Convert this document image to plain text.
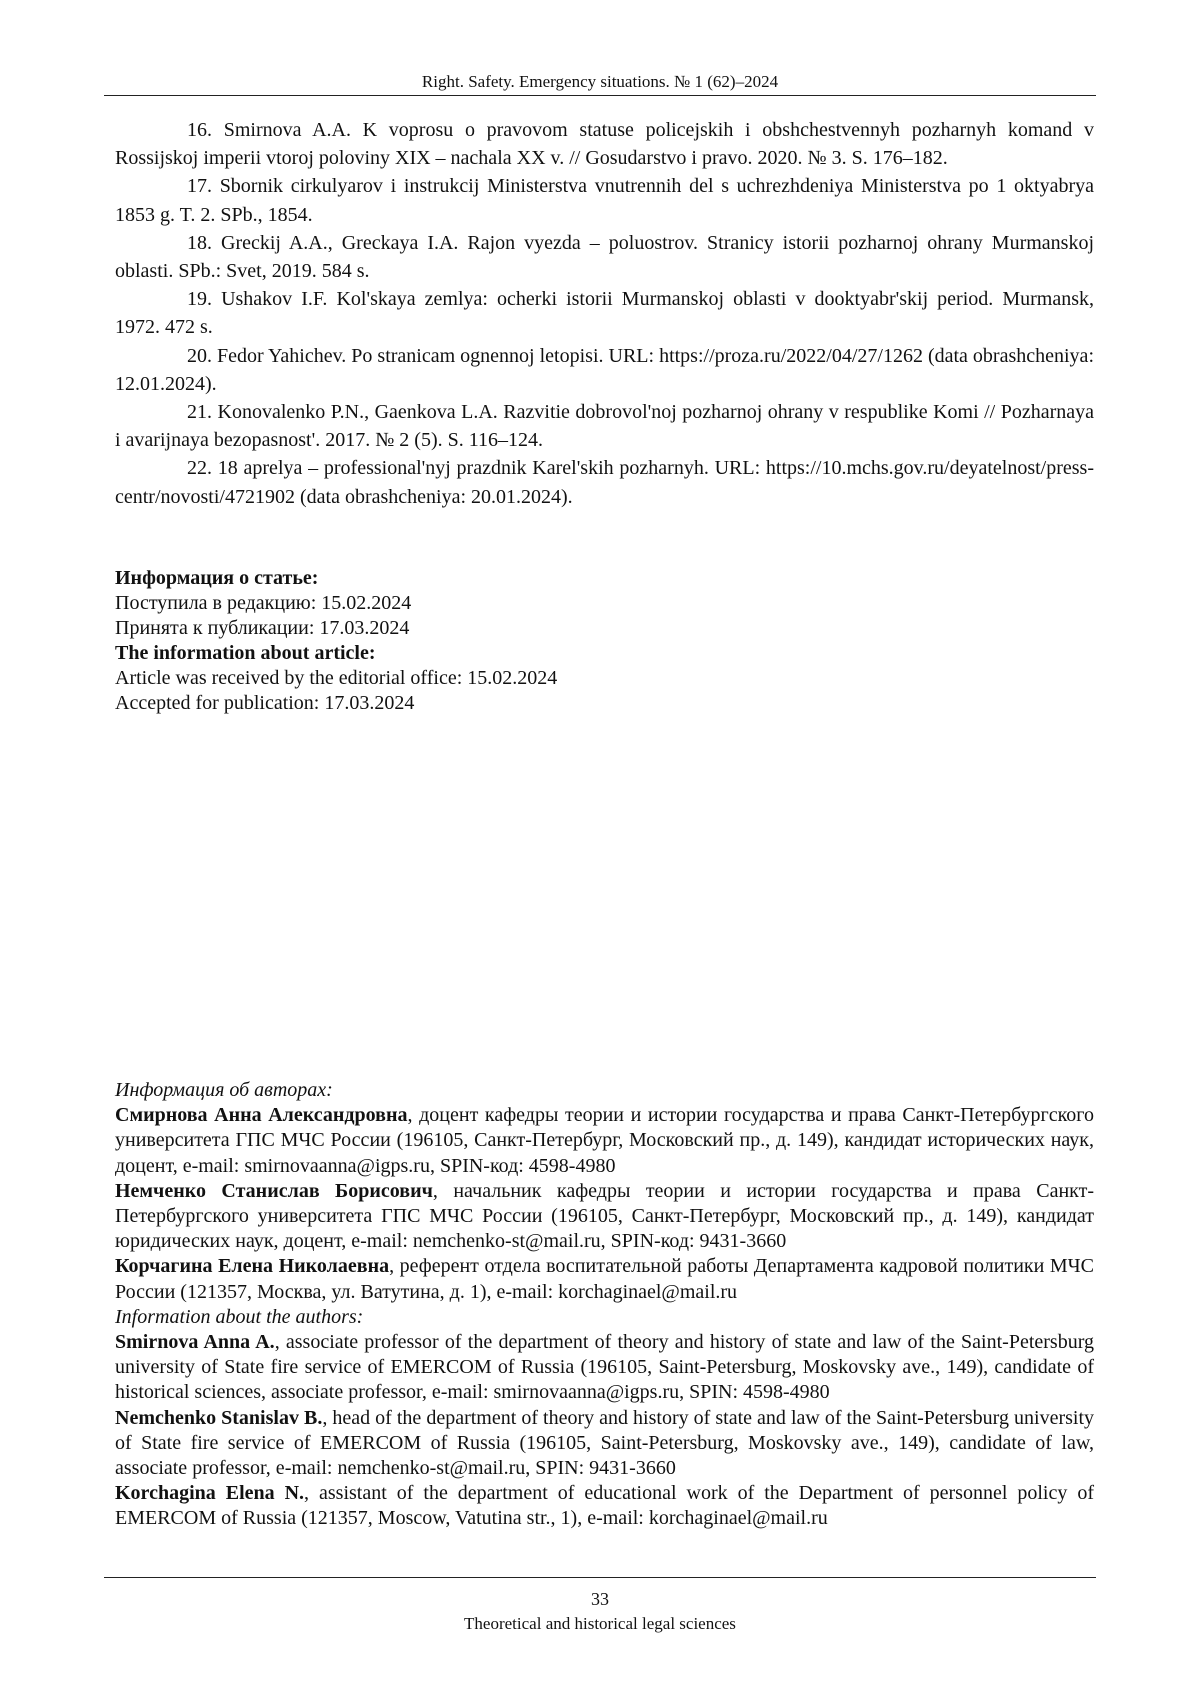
Right. Safety. Emergency situations. № 1 (62)–2024

16. Smirnova A.A. K voprosu o pravovom statuse policejskih i obshchestvennyh pozharnyh komand v Rossijskoj imperii vtoroj poloviny XIX – nachala XX v. // Gosudarstvo i pravo. 2020. № 3. S. 176–182.

17. Sbornik cirkulyarov i instrukcij Ministerstva vnutrennih del s uchrezhdeniya Ministerstva po 1 oktyabrya 1853 g. T. 2. SPb., 1854.

18. Greckij A.A., Greckaya I.A. Rajon vyezda – poluostrov. Stranicy istorii pozharnoj ohrany Murmanskoj oblasti. SPb.: Svet, 2019. 584 s.

19. Ushakov I.F. Kol'skaya zemlya: ocherki istorii Murmanskoj oblasti v dooktyabr'skij period. Murmansk, 1972. 472 s.

20. Fedor Yahichev. Po stranicam ognennoj letopisi. URL: https://proza.ru/2022/04/27/1262 (data obrashcheniya: 12.01.2024).

21. Konovalenko P.N., Gaenkova L.A. Razvitie dobrovol'noj pozharnoj ohrany v respublike Komi // Pozharnaya i avarijnaya bezopasnost'. 2017. № 2 (5). S. 116–124.

22. 18 aprelya – professional'nyj prazdnik Karel'skih pozharnyh. URL: https://10.mchs.gov.ru/deyatelnost/press-centr/novosti/4721902 (data obrashcheniya: 20.01.2024).

Информация о статье:
Поступила в редакцию: 15.02.2024
Принята к публикации: 17.03.2024
The information about article:
Article was received by the editorial office: 15.02.2024
Accepted for publication: 17.03.2024

Информация об авторах:

Смирнова Анна Александровна, доцент кафедры теории и истории государства и права Санкт-Петербургского университета ГПС МЧС России (196105, Санкт-Петербург, Московский пр., д. 149), кандидат исторических наук, доцент, e-mail: smirnovaanna@igps.ru, SPIN-код: 4598-4980

Немченко Станислав Борисович, начальник кафедры теории и истории государства и права Санкт-Петербургского университета ГПС МЧС России (196105, Санкт-Петербург, Московский пр., д. 149), кандидат юридических наук, доцент, e-mail: nemchenko-st@mail.ru, SPIN-код: 9431-3660

Корчагина Елена Николаевна, референт отдела воспитательной работы Департамента кадровой политики МЧС России (121357, Москва, ул. Ватутина, д. 1), e-mail: korchaginael@mail.ru

Information about the authors:

Smirnova Anna A., associate professor of the department of theory and history of state and law of the Saint-Petersburg university of State fire service of EMERCOM of Russia (196105, Saint-Petersburg, Moskovsky ave., 149), candidate of historical sciences, associate professor, e-mail: smirnovaanna@igps.ru, SPIN: 4598-4980

Nemchenko Stanislav B., head of the department of theory and history of state and law of the Saint-Petersburg university of State fire service of EMERCOM of Russia (196105, Saint-Petersburg, Moskovsky ave., 149), candidate of law, associate professor, e-mail: nemchenko-st@mail.ru, SPIN: 9431-3660

Korchagina Elena N., assistant of the department of educational work of the Department of personnel policy of EMERCOM of Russia (121357, Moscow, Vatutina str., 1), e-mail: korchaginael@mail.ru

33
Theoretical and historical legal sciences
